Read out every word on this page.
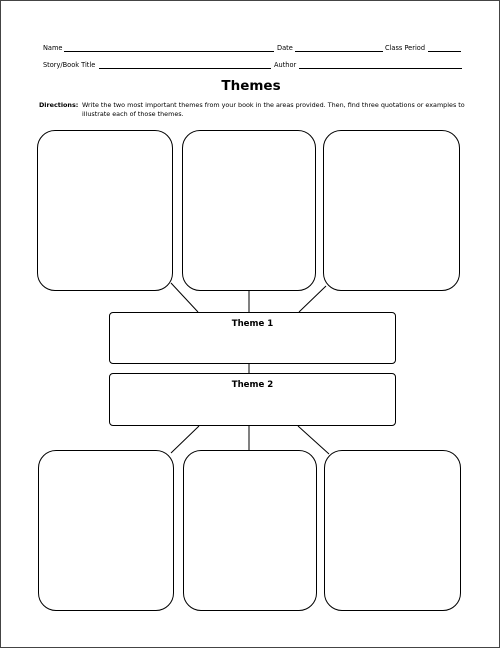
Name	Date	Class Period
Story/Book Title	Author
Themes
Directions: Write the two most important themes from your book in the areas provided. Then, find three quotations or examples to illustrate each of those themes.
Theme 1
Theme 2
